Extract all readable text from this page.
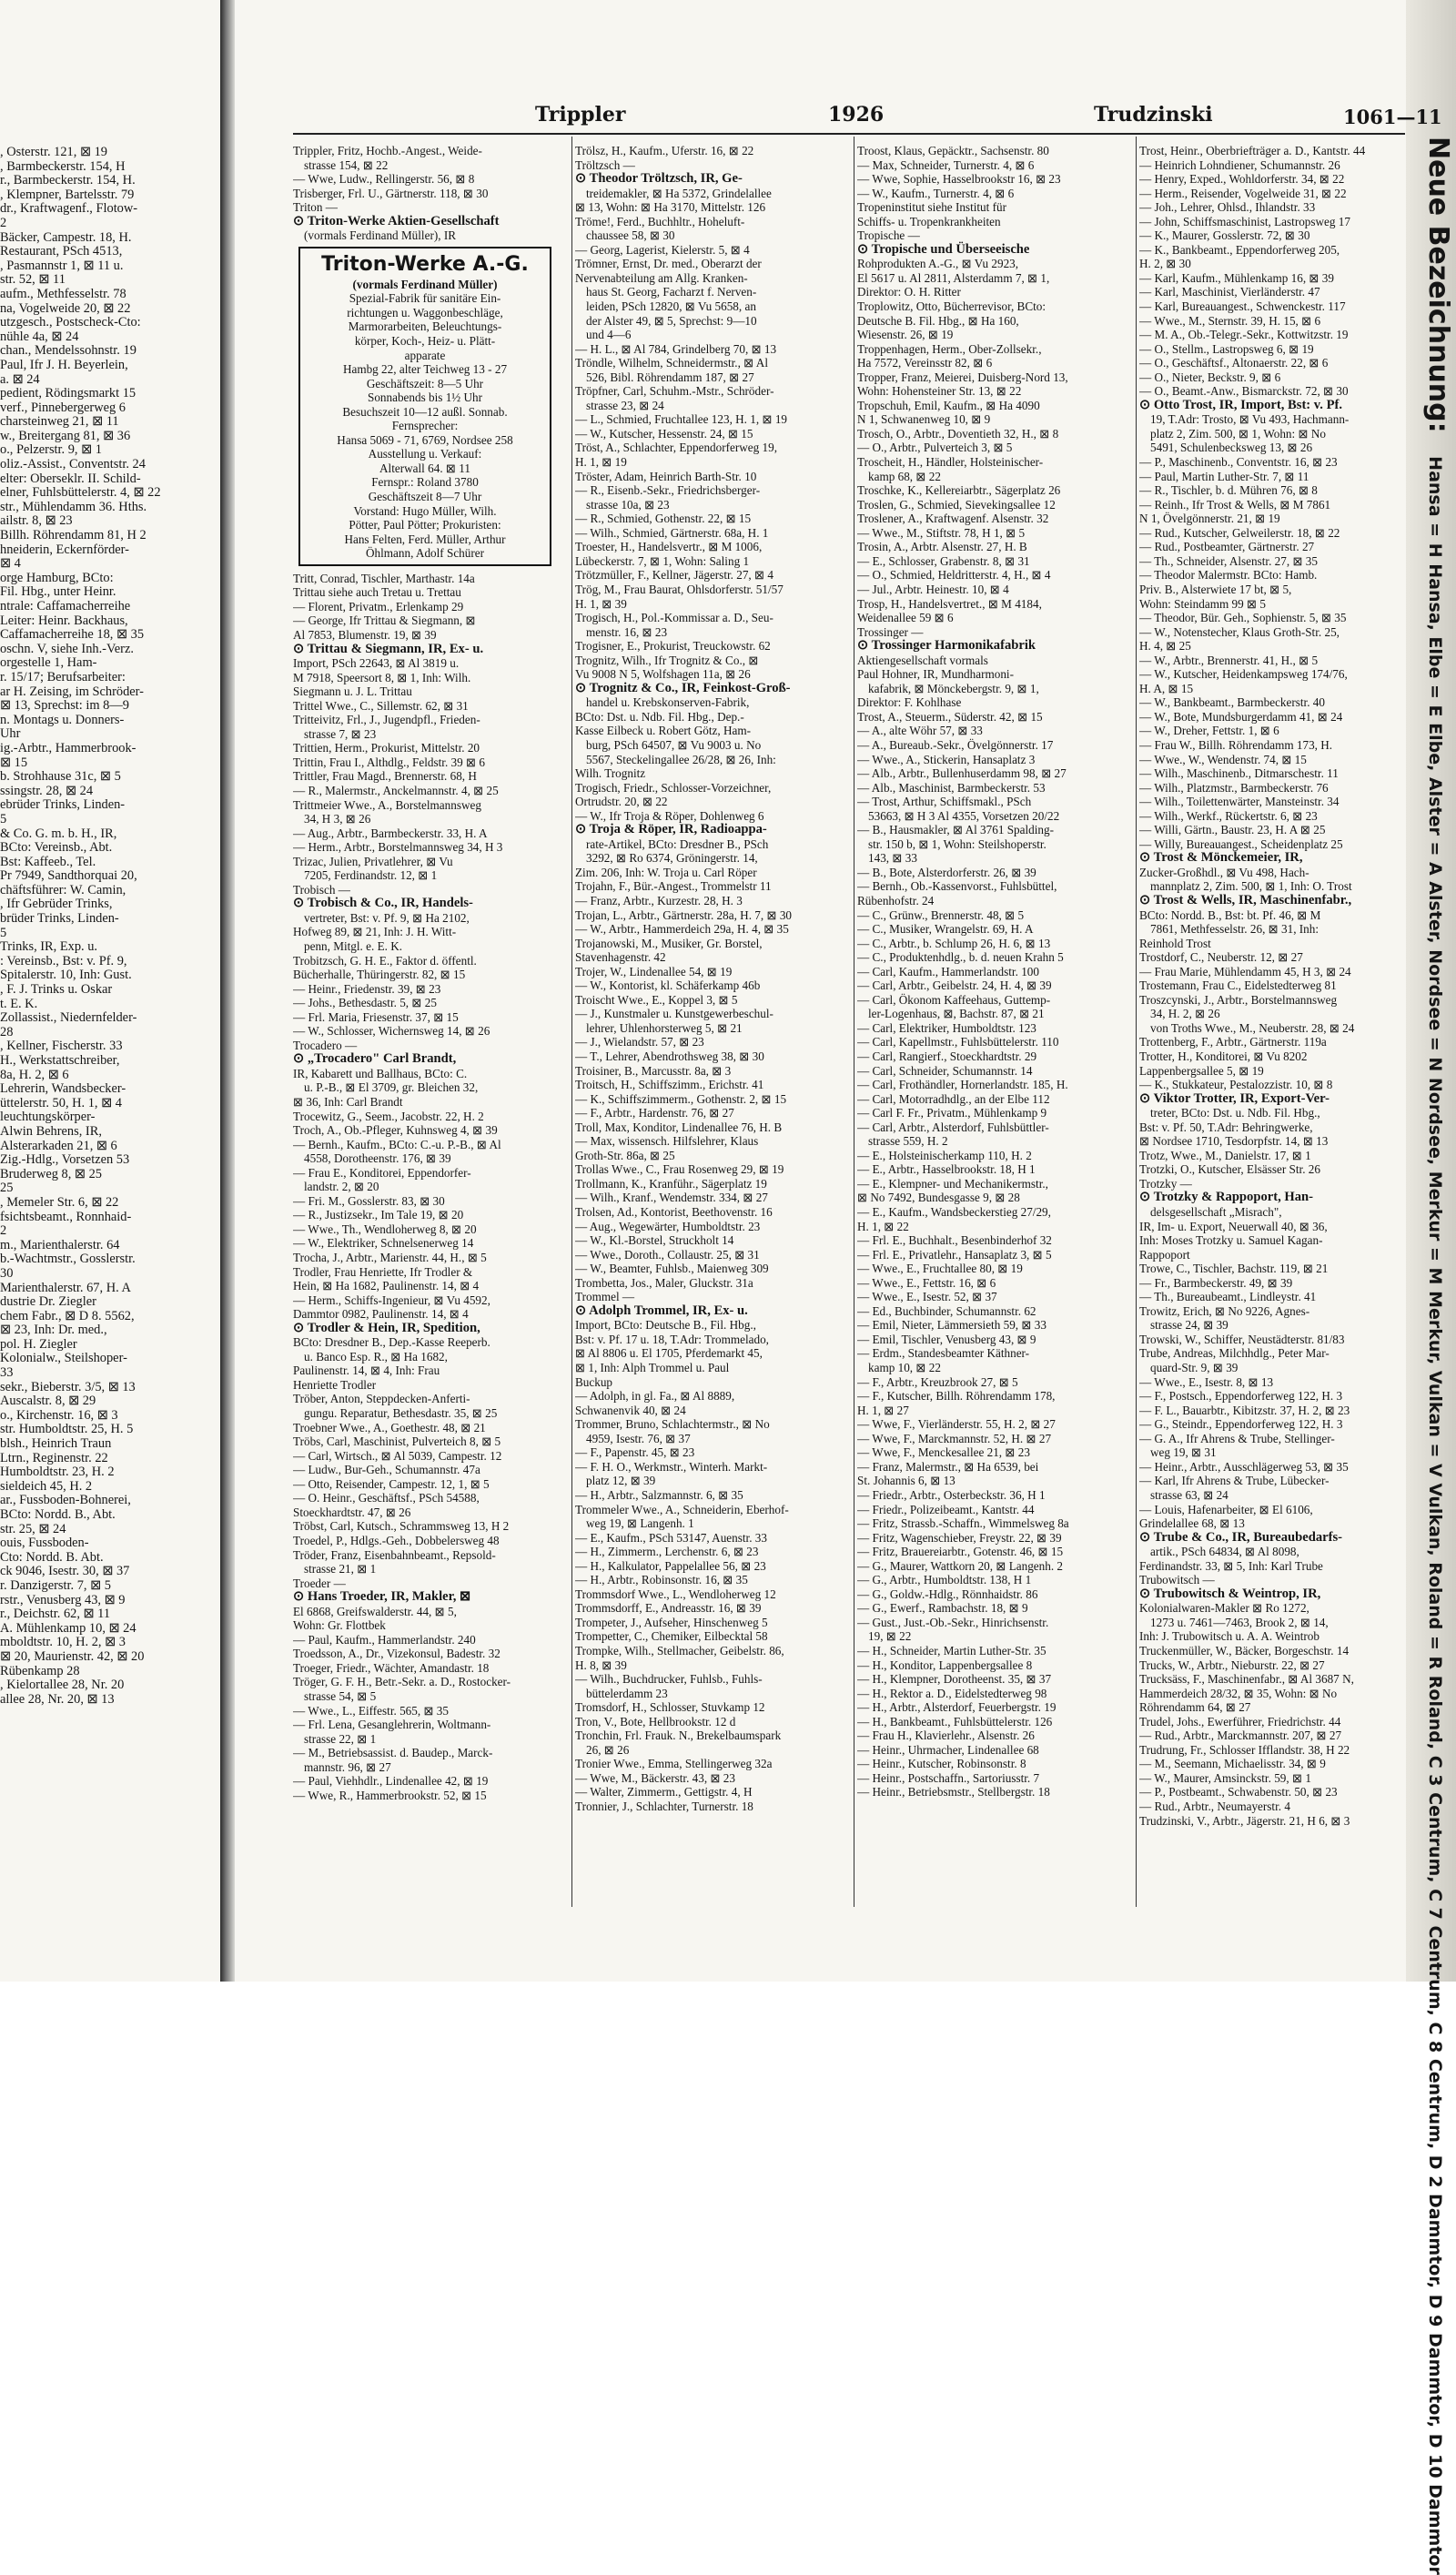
, Osterstr. 121, ⊠ 19
, Barmbeckerstr. 154, H
r., Barmbeckerstr. 154, H.
, Klempner, Bartelsstr. 79
dr., Kraftwagenf., Flotow-
2
Bäcker, Campestr. 18, H.
Restaurant, PSch 4513,
, Pasmannstr 1, ⊠ 11 u.
str. 52, ⊠ 11
aufm., Methfesselstr. 78
na, Vogelweide 20, ⊠ 22
utzgesch., Postscheck-Cto:
nühle 4a, ⊠ 24
chan., Mendelssohnstr. 19
Paul, Ifr J. H. Beyerlein,
a. ⊠ 24
pedient, Rödingsmarkt 15
verf., Pinnebergerweg 6
charsteinweg 21, ⊠ 11
w., Breitergang 81, ⊠ 36
o., Pelzerstr. 9, ⊠ 1
oliz.-Assist., Conventstr. 24
elter: Oberseklr. II. Schild-
elner, Fuhlsbüttelerstr. 4, ⊠ 22
str., Mühlendamm 36. Hths.
ailstr. 8, ⊠ 23
Billh. Röhrendamm 81, H 2
hneiderin, Eckernförder-
⊠ 4
orge Hamburg, BCto:
Fil. Hbg., unter Heinr.
ntrale: Caffamacherreihe
Leiter: Heinr. Backhaus,
Caffamacherreihe 18, ⊠ 35
oschn. V, siehe Inh.-Verz.
orgestelle 1, Ham-
r. 15/17; Berufsarbeiter:
ar H. Zeising, im Schröder-
⊠ 13, Sprechst: im 8—9
n. Montags u. Donners-
Uhr
ig.-Arbtr., Hammerbrook-
⊠ 15
b. Strohhause 31c, ⊠ 5
ssingstr. 28, ⊠ 24
ebrüder Trinks, Linden-
5
& Co. G. m. b. H., IR,
BCto: Vereinsb., Abt.
Bst: Kaffeeb., Tel.
Pr 7949, Sandthorquai 20,
chäftsführer: W. Camin,
, Ifr Gebrüder Trinks,
brüder Trinks, Linden-
5
Trinks, IR, Exp. u.
: Vereinsb., Bst: v. Pf. 9,
Spitalerstr. 10, Inh: Gust.
, F. J. Trinks u. Oskar
t. E. K.
Zollassist., Niedernfelder-
28
, Kellner, Fischerstr. 33
H., Werkstattschreiber,
8a, H. 2, ⊠ 6
Lehrerin, Wandsbecker-
üttelerstr. 50, H. 1, ⊠ 4
leuchtungskörper-
Alwin Behrens, IR,
Alsterarkaden 21, ⊠ 6
Zig.-Hdlg., Vorsetzen 53
Bruderweg 8, ⊠ 25
25
, Memeler Str. 6, ⊠ 22
fsichtsbeamt., Ronnhaid-
2
m., Marienthalerstr. 64
b.-Wachtmstr., Gosslerstr.
30
Marienthalerstr. 67, H. A
dustrie Dr. Ziegler
chem Fabr., ⊠ D 8. 5562,
⊠ 23, Inh: Dr. med.,
pol. H. Ziegler
Kolonialw., Steilshoper-
33
sekr., Bieberstr. 3/5, ⊠ 13
Auscalstr. 8, ⊠ 29
o., Kirchenstr. 16, ⊠ 3
str. Humboldtstr. 25, H. 5
blsh., Heinrich Traun
Ltrn., Reginenstr. 22
Humboldtstr. 23, H. 2
sieldeich 45, H. 2
ar., Fussboden-Bohnerei,
BCto: Nordd. B., Abt.
str. 25, ⊠ 24
ouis, Fussboden-
Cto: Nordd. B. Abt.
ck 9046, Isestr. 30, ⊠ 37
r. Danzigerstr. 7, ⊠ 5
rstr., Venusberg 43, ⊠ 9
r., Deichstr. 62, ⊠ 11
A. Mühlenkamp 10, ⊠ 24
mboldtstr. 10, H. 2, ⊠ 3
⊠ 20, Maurienstr. 42, ⊠ 20
Rübenkamp 28
, Kielortallee 28, Nr. 20
allee 28, Nr. 20, ⊠ 13
Trippler	1926	Trudzinski	1061—11
Trippler, Fritz, Hochb.-Angest., Weide-
strasse 154, ⊠ 22
— Wwe, Ludw., Rellingerstr. 56, ⊠ 8
Trisberger, Frl. U., Gärtnerstr. 118, ⊠ 30
Triton —
⊙ Triton-Werke Aktien-Gesellschaft
(vormals Ferdinand Müller), IR
Triton-Werke A.-G.
(vormals Ferdinand Müller)
Spezial-Fabrik für sanitäre Ein-
richtungen u. Waggonbeschläge,
Marmorarbeiten, Beleuchtungs-
körper, Koch-, Heiz- u. Plätt-
apparate
Hambg 22, alter Teichweg 13 - 27
Geschäftszeit: 8—5 Uhr
Sonnabends bis 1½ Uhr
Besuchszeit 10—12 außl. Sonnab.
Fernsprecher:
Hansa 5069 - 71, 6769, Nordsee 258
Ausstellung u. Verkauf:
Alterwall 64. ⊠ 11
Fernspr.: Roland 3780
Geschäftszeit 8—7 Uhr
Vorstand: Hugo Müller, Wilh.
Pötter, Paul Pötter; Prokuristen:
Hans Felten, Ferd. Müller, Arthur
Öhlmann, Adolf Schürer
Tritt, Conrad, Tischler, Marthastr. 14a
Trittau siehe auch Tretau u. Trettau
— Florent, Privatm., Erlenkamp 29
— George, Ifr Trittau & Siegmann, ⊠
Al 7853, Blumenstr. 19, ⊠ 39
⊙ Trittau & Siegmann, IR, Ex- u.
Import, PSch 22643, ⊠ Al 3819 u.
M 7918, Speersort 8, ⊠ 1, Inh: Wilh.
Siegmann u. J. L. Trittau
Trittel Wwe., C., Sillemstr. 62, ⊠ 31
Tritteivitz, Frl., J., Jugendpfl., Frieden-
strasse 7, ⊠ 23
Trittien, Herm., Prokurist, Mittelstr. 20
Trittin, Frau I., Althdlg., Feldstr. 39 ⊠ 6
Trittler, Frau Magd., Brennerstr. 68, H
— R., Malermstr., Anckelmannstr. 4, ⊠ 25
Trittmeier Wwe., A., Borstelmannsweg
34, H 3, ⊠ 26
— Aug., Arbtr., Barmbeckerstr. 33, H. A
— Herm., Arbtr., Borstelmannsweg 34, H 3
Trizac, Julien, Privatlehrer, ⊠ Vu
7205, Ferdinandstr. 12, ⊠ 1
Trobisch —
⊙ Trobisch & Co., IR, Handels-
vertreter, Bst: v. Pf. 9, ⊠ Ha 2102,
Hofweg 89, ⊠ 21, Inh: J. H. Witt-
penn, Mitgl. e. E. K.
Trobitzsch, G. H. E., Faktor d. öffentl.
Bücherhalle, Thüringerstr. 82, ⊠ 15
— Heinr., Friedenstr. 39, ⊠ 23
— Johs., Bethesdastr. 5, ⊠ 25
— Frl. Maria, Friesenstr. 37, ⊠ 15
— W., Schlosser, Wichernsweg 14, ⊠ 26
Trocadero —
⊙ „Trocadero" Carl Brandt,
IR, Kabarett und Ballhaus, BCto: C.
u. P.-B., ⊠ El 3709, gr. Bleichen 32,
⊠ 36, Inh: Carl Brandt
Trocewitz, G., Seem., Jacobstr. 22, H. 2
Troch, A., Ob.-Pfleger, Kuhnsweg 4, ⊠ 39
— Bernh., Kaufm., BCto: C.-u. P.-B., ⊠ Al
4558, Dorotheenstr. 176, ⊠ 39
— Frau E., Konditorei, Eppendorfer-
landstr. 2, ⊠ 20
— Fri. M., Gosslerstr. 83, ⊠ 30
— R., Justizsekr., Im Tale 19, ⊠ 20
— Wwe., Th., Wendloherweg 8, ⊠ 20
— W., Elektriker, Schnelsenerweg 14
Trocha, J., Arbtr., Marienstr. 44, H., ⊠ 5
Trodler, Frau Henriette, Ifr Trodler &
Hein, ⊠ Ha 1682, Paulinenstr. 14, ⊠ 4
— Herm., Schiffs-Ingenieur, ⊠ Vu 4592,
Dammtor 0982, Paulinenstr. 14, ⊠ 4
⊙ Trodler & Hein, IR, Spedition,
BCto: Dresdner B., Dep.-Kasse Reeperb.
u. Banco Esp. R., ⊠ Ha 1682,
Paulinenstr. 14, ⊠ 4, Inh: Frau
Henriette Trodler
Tröber, Anton, Steppdecken-Anferti-
gungu. Reparatur, Bethesdastr. 35, ⊠ 25
Troebner Wwe., A., Goethestr. 48, ⊠ 21
Tröbs, Carl, Maschinist, Pulverteich 8, ⊠ 5
— Carl, Wirtsch., ⊠ Al 5039, Campestr. 12
— Ludw., Bur-Geh., Schumannstr. 47a
— Otto, Reisender, Campestr. 12, 1, ⊠ 5
— O. Heinr., Geschäftsf., PSch 54588,
Stoeckhardtstr. 47, ⊠ 26
Tröbst, Carl, Kutsch., Schrammsweg 13, H 2
Troedel, P., Hdlgs.-Geh., Dobbelersweg 48
Tröder, Franz, Eisenbahnbeamt., Repsold-
strasse 21, ⊠ 1
Troeder —
⊙ Hans Troeder, IR, Makler, ⊠
El 6868, Greifswalderstr. 44, ⊠ 5,
Wohn: Gr. Flottbek
— Paul, Kaufm., Hammerlandstr. 240
Troedsson, A., Dr., Vizekonsul, Badestr. 32
Troeger, Friedr., Wächter, Amandastr. 18
Tröger, G. F. H., Betr.-Sekr. a. D., Rostocker-
strasse 54, ⊠ 5
— Wwe., L., Eiffestr. 565, ⊠ 35
— Frl. Lena, Gesanglehrerin, Woltmann-
strasse 22, ⊠ 1
— M., Betriebsassist. d. Baudep., Marck-
mannstr. 96, ⊠ 27
— Paul, Viehhdlr., Lindenallee 42, ⊠ 19
— Wwe, R., Hammerbrookstr. 52, ⊠ 15
Trölsz, H., Kaufm., Uferstr. 16, ⊠ 22
Tröltzsch —
⊙ Theodor Tröltzsch, IR, Ge-
treidemakler, ⊠ Ha 5372, Grindelallee
⊠ 13, Wohn: ⊠ Ha 3170, Mittelstr. 126
Tröme!, Ferd., Buchhltr., Hoheluft-
chaussee 58, ⊠ 30
— Georg, Lagerist, Kielerstr. 5, ⊠ 4
Trömner, Ernst, Dr. med., Oberarzt der
Nervenabteilung am Allg. Kranken-
haus St. Georg, Facharzt f. Nerven-
leiden, PSch 12820, ⊠ Vu 5658, an
der Alster 49, ⊠ 5, Sprechst: 9—10
und 4—6
— H. L., ⊠ Al 784, Grindelberg 70, ⊠ 13
Tröndle, Wilhelm, Schneidermstr., ⊠ Al
526, Bibl. Röhrendamm 187, ⊠ 27
Tröpfner, Carl, Schuhm.-Mstr., Schröder-
strasse 23, ⊠ 24
— L., Schmied, Fruchtallee 123, H. 1, ⊠ 19
— W., Kutscher, Hessenstr. 24, ⊠ 15
Tröst, A., Schlachter, Eppendorferweg 19,
H. 1, ⊠ 19
Tröster, Adam, Heinrich Barth-Str. 10
— R., Eisenb.-Sekr., Friedrichsberger-
strasse 10a, ⊠ 23
— R., Schmied, Gothenstr. 22, ⊠ 15
— Wilh., Schmied, Gärtnerstr. 68a, H. 1
Troester, H., Handelsvertr., ⊠ M 1006,
Lübeckerstr. 7, ⊠ 1, Wohn: Saling 1
Trötzmüller, F., Kellner, Jägerstr. 27, ⊠ 4
Trög, M., Frau Baurat, Ohlsdorferstr. 51/57
H. 1, ⊠ 39
Trogisch, H., Pol.-Kommissar a. D., Seu-
menstr. 16, ⊠ 23
Trogisner, E., Prokurist, Treuckowstr. 62
Trognitz, Wilh., Ifr Trognitz & Co., ⊠
Vu 9008 N 5, Wolfshagen 11a, ⊠ 26
⊙ Trognitz & Co., IR, Feinkost-Groß-
handel u. Krebskonserven-Fabrik,
BCto: Dst. u. Ndb. Fil. Hbg., Dep.-
Kasse Eilbeck u. Robert Götz, Ham-
burg, PSch 64507, ⊠ Vu 9003 u. No
5567, Steckelingallee 26/28, ⊠ 26, Inh:
Wilh. Trognitz
Trogisch, Friedr., Schlosser-Vorzeichner,
Ortrudstr. 20, ⊠ 22
— W., Ifr Troja & Röper, Dohlenweg 6
⊙ Troja & Röper, IR, Radioappa-
rate-Artikel, BCto: Dresdner B., PSch
3292, ⊠ Ro 6374, Gröningerstr. 14,
Zim. 206, Inh: W. Troja u. Carl Röper
Trojahn, F., Bür.-Angest., Trommelstr 11
— Franz, Arbtr., Kurzestr. 28, H. 3
Trojan, L., Arbtr., Gärtnerstr. 28a, H. 7, ⊠ 30
— W., Arbtr., Hammerdeich 29a, H. 4, ⊠ 35
Trojanowski, M., Musiker, Gr. Borstel,
Stavenhagenstr. 42
Trojer, W., Lindenallee 54, ⊠ 19
— W., Kontorist, kl. Schäferkamp 46b
Troischt Wwe., E., Koppel 3, ⊠ 5
— J., Kunstmaler u. Kunstgewerbeschul-
lehrer, Uhlenhorsterweg 5, ⊠ 21
— J., Wielandstr. 57, ⊠ 23
— T., Lehrer, Abendrothsweg 38, ⊠ 30
Troisiner, B., Marcusstr. 8a, ⊠ 3
Troitsch, H., Schiffszimm., Erichstr. 41
— K., Schiffszimmerm., Gothenstr. 2, ⊠ 15
— F., Arbtr., Hardenstr. 76, ⊠ 27
Troll, Max, Konditor, Lindenallee 76, H. B
— Max, wissensch. Hilfslehrer, Klaus
Groth-Str. 86a, ⊠ 25
Trollas Wwe., C., Frau Rosenweg 29, ⊠ 19
Trollmann, K., Kranführ., Sägerplatz 19
— Wilh., Kranf., Wendemstr. 334, ⊠ 27
Trolsen, Ad., Kontorist, Beethovenstr. 16
— Aug., Wegewärter, Humboldtstr. 23
— W., Kl.-Borstel, Struckholt 14
— Wwe., Doroth., Collaustr. 25, ⊠ 31
— W., Beamter, Fuhlsb., Maienweg 309
Trombetta, Jos., Maler, Gluckstr. 31a
Trommel —
⊙ Adolph Trommel, IR, Ex- u.
Import, BCto: Deutsche B., Fil. Hbg.,
Bst: v. Pf. 17 u. 18, T.Adr: Trommelado,
⊠ Al 8806 u. El 1705, Pferdemarkt 45,
⊠ 1, Inh: Alph Trommel u. Paul
Buckup
— Adolph, in gl. Fa., ⊠ Al 8889,
Schwanenvik 40, ⊠ 24
Trommer, Bruno, Schlachtermstr., ⊠ No
4959, Isestr. 76, ⊠ 37
— F., Papenstr. 45, ⊠ 23
— F. H. O., Werkmstr., Winterh. Markt-
platz 12, ⊠ 39
— H., Arbtr., Salzmannstr. 6, ⊠ 35
Trommeler Wwe., A., Schneiderin, Eberhof-
weg 19, ⊠ Langenh. 1
— E., Kaufm., PSch 53147, Auenstr. 33
— H., Zimmerm., Lerchenstr. 6, ⊠ 23
— H., Kalkulator, Pappelallee 56, ⊠ 23
— H., Arbtr., Robinsonstr. 16, ⊠ 35
Trommsdorf Wwe., L., Wendloherweg 12
Trommsdorff, E., Andreasstr. 16, ⊠ 39
Trompeter, J., Aufseher, Hinschenweg 5
Trompetter, C., Chemiker, Eilbecktal 58
Trompke, Wilh., Stellmacher, Geibelstr. 86,
H. 8, ⊠ 39
— Wilh., Buchdrucker, Fuhlsb., Fuhls-
büttelerdamm 23
Tromsdorf, H., Schlosser, Stuvkamp 12
Tron, V., Bote, Hellbrookstr. 12 d
Tronchin, Frl. Frauk. N., Brekelbaumspark
26, ⊠ 26
Tronier Wwe., Emma, Stellingerweg 32a
— Wwe, M., Bäckerstr. 43, ⊠ 23
— Walter, Zimmerm., Gettigstr. 4, H
Tronnier, J., Schlachter, Turnerstr. 18
Troost, Klaus, Gepäcktr., Sachsenstr. 80
— Max, Schneider, Turnerstr. 4, ⊠ 6
— Wwe, Sophie, Hasselbrookstr 16, ⊠ 23
— W., Kaufm., Turnerstr. 4, ⊠ 6
Tropeninstitut siehe Institut für
Schiffs- u. Tropenkrankheiten
Tropische —
⊙ Tropische und Überseeische
Rohprodukten A.-G., ⊠ Vu 2923,
El 5617 u. Al 2811, Alsterdamm 7, ⊠ 1,
Direktor: O. H. Ritter
Troplowitz, Otto, Bücherrevisor, BCto:
Deutsche B. Fil. Hbg., ⊠ Ha 160,
Wiesenstr. 26, ⊠ 19
Troppenhagen, Herm., Ober-Zollsekr.,
Ha 7572, Vereinsstr 82, ⊠ 6
Tropper, Franz, Meierei, Duisberg-Nord 13,
Wohn: Hohensteiner Str. 13, ⊠ 22
Tropschuh, Emil, Kaufm., ⊠ Ha 4090
N 1, Schwanenweg 10, ⊠ 9
Trosch, O., Arbtr., Doventieth 32, H., ⊠ 8
— O., Arbtr., Pulverteich 3, ⊠ 5
Troscheit, H., Händler, Holsteinischer-
kamp 68, ⊠ 22
Troschke, K., Kellereiarbtr., Sägerplatz 26
Troslen, G., Schmied, Sievekingsallee 12
Troslener, A., Kraftwagenf. Alsenstr. 32
— Wwe., M., Stiftstr. 78, H 1, ⊠ 5
Trosin, A., Arbtr. Alsenstr. 27, H. B
— E., Schlosser, Grabenstr. 8, ⊠ 31
— O., Schmied, Heldritterstr. 4, H., ⊠ 4
— Jul., Arbtr. Heinestr. 10, ⊠ 4
Trosp, H., Handelsvertret., ⊠ M 4184,
Weidenallee 59 ⊠ 6
Trossinger —
⊙ Trossinger Harmonikafabrik
Aktiengesellschaft vormals
Paul Hohner, IR, Mundharmoni-
kafabrik, ⊠ Mönckebergstr. 9, ⊠ 1,
Direktor: F. Kohlhase
Trost, A., Steuerm., Süderstr. 42, ⊠ 15
— A., alte Wöhr 57, ⊠ 33
— A., Bureaub.-Sekr., Övelgönnerstr. 17
— Wwe., A., Stickerin, Hansaplatz 3
— Alb., Arbtr., Bullenhuserdamm 98, ⊠ 27
— Alb., Maschinist, Barmbeckerstr. 53
— Trost, Arthur, Schiffsmakl., PSch
53663, ⊠ H 3 Al 4355, Vorsetzen 20/22
— B., Hausmakler, ⊠ Al 3761 Spalding-
str. 150 b, ⊠ 1, Wohn: Steilshoperstr.
143, ⊠ 33
— B., Bote, Alsterdorferstr. 26, ⊠ 39
— Bernh., Ob.-Kassenvorst., Fuhlsbüttel,
Rübenhofstr. 24
— C., Grünw., Brennerstr. 48, ⊠ 5
— C., Musiker, Wrangelstr. 69, H. A
— C., Arbtr., b. Schlump 26, H. 6, ⊠ 13
— C., Produktenhdlg., b. d. neuen Krahn 5
— Carl, Kaufm., Hammerlandstr. 100
— Carl, Arbtr., Geibelstr. 24, H. 4, ⊠ 39
— Carl, Ökonom Kaffeehaus, Guttemp-
ler-Logenhaus, ⊠, Bachstr. 87, ⊠ 21
— Carl, Elektriker, Humboldtstr. 123
— Carl, Kapellmstr., Fuhlsbüttelerstr. 110
— Carl, Rangierf., Stoeckhardtstr. 29
— Carl, Schneider, Schumannstr. 14
— Carl, Frothändler, Hornerlandstr. 185, H.
— Carl, Motorradhdlg., an der Elbe 112
— Carl F. Fr., Privatm., Mühlenkamp 9
— Carl, Arbtr., Alsterdorf, Fuhlsbüttler-
strasse 559, H. 2
— E., Holsteinischerkamp 110, H. 2
— E., Arbtr., Hasselbrookstr. 18, H 1
— E., Klempner- und Mechanikermstr.,
⊠ No 7492, Bundesgasse 9, ⊠ 28
— E., Kaufm., Wandsbeckerstieg 27/29,
H. 1, ⊠ 22
— Frl. E., Buchhalt., Besenbinderhof 32
— Frl. E., Privatlehr., Hansaplatz 3, ⊠ 5
— Wwe., E., Fruchtallee 80, ⊠ 19
— Wwe., E., Fettstr. 16, ⊠ 6
— Wwe., E., Isestr. 52, ⊠ 37
— Ed., Buchbinder, Schumannstr. 62
— Emil, Nieter, Lämmersieth 59, ⊠ 33
— Emil, Tischler, Venusberg 43, ⊠ 9
— Erdm., Standesbeamter Käthner-
kamp 10, ⊠ 22
— F., Arbtr., Kreuzbrook 27, ⊠ 5
— F., Kutscher, Billh. Röhrendamm 178,
H. 1, ⊠ 27
— Wwe, F., Vierländerstr. 55, H. 2, ⊠ 27
— Wwe, F., Marckmannstr. 52, H. ⊠ 27
— Wwe, F., Menckesallee 21, ⊠ 23
— Franz, Malermstr., ⊠ Ha 6539, bei
St. Johannis 6, ⊠ 13
— Friedr., Arbtr., Osterbeckstr. 36, H 1
— Friedr., Polizeibeamt., Kantstr. 44
— Fritz, Strassb.-Schaffn., Wimmelsweg 8a
— Fritz, Wagenschieber, Freystr. 22, ⊠ 39
— Fritz, Brauereiarbtr., Gotenstr. 46, ⊠ 15
— G., Maurer, Wattkorn 20, ⊠ Langenh. 2
— G., Arbtr., Humboldtstr. 138, H 1
— G., Goldw.-Hdlg., Rönnhaidstr. 86
— G., Ewerf., Rambachstr. 18, ⊠ 9
— Gust., Just.-Ob.-Sekr., Hinrichsenstr.
19, ⊠ 22
— H., Schneider, Martin Luther-Str. 35
— H., Konditor, Lappenbergsallee 8
— H., Klempner, Dorotheenst. 35, ⊠ 37
— H., Rektor a. D., Eidelstedterweg 98
— H., Arbtr., Alsterdorf, Feuerbergstr. 19
— H., Bankbeamt., Fuhlsbüttelerstr. 126
— Frau H., Klavierlehr., Alsenstr. 26
— Heinr., Uhrmacher, Lindenallee 68
— Heinr., Kutscher, Robinsonstr. 8
— Heinr., Postschaffn., Sartoriusstr. 7
— Heinr., Betriebsmstr., Stellbergstr. 18
Trost, Heinr., Oberbriefträger a. D., Kantstr. 44
— Heinrich Lohndiener, Schumannstr. 26
— Henry, Exped., Wohldorferstr. 34, ⊠ 22
— Herm., Reisender, Vogelweide 31, ⊠ 22
— Joh., Lehrer, Ohlsd., Ihlandstr. 33
— John, Schiffsmaschinist, Lastropsweg 17
— K., Maurer, Gosslerstr. 72, ⊠ 30
— K., Bankbeamt., Eppendorferweg 205,
H. 2, ⊠ 30
— Karl, Kaufm., Mühlenkamp 16, ⊠ 39
— Karl, Maschinist, Vierländerstr. 47
— Karl, Bureauangest., Schwenckestr. 117
— Wwe., M., Sternstr. 39, H. 15, ⊠ 6
— M. A., Ob.-Telegr.-Sekr., Kottwitzstr. 19
— O., Stellm., Lastropsweg 6, ⊠ 19
— O., Geschäftsf., Altonaerstr. 22, ⊠ 6
— O., Nieter, Beckstr. 9, ⊠ 6
— O., Beamt.-Anw., Bismarckstr. 72, ⊠ 30
⊙ Otto Trost, IR, Import, Bst: v. Pf.
19, T.Adr: Trosto, ⊠ Vu 493, Hachmann-
platz 2, Zim. 500, ⊠ 1, Wohn: ⊠ No
5491, Schulenbecksweg 13, ⊠ 26
— P., Maschinenb., Conventstr. 16, ⊠ 23
— Paul, Martin Luther-Str. 7, ⊠ 11
— R., Tischler, b. d. Mühren 76, ⊠ 8
— Reinh., Ifr Trost & Wells, ⊠ M 7861
N 1, Övelgönnerstr. 21, ⊠ 19
— Rud., Kutscher, Gelweilerstr. 18, ⊠ 22
— Rud., Postbeamter, Gärtnerstr. 27
— Th., Schneider, Alsenstr. 27, ⊠ 35
— Theodor Malermstr. BCto: Hamb.
Priv. B., Alsterwiete 17 bt, ⊠ 5,
Wohn: Steindamm 99 ⊠ 5
— Theodor, Bür. Geh., Sophienstr. 5, ⊠ 35
— W., Notenstecher, Klaus Groth-Str. 25,
H. 4, ⊠ 25
— W., Arbtr., Brennerstr. 41, H., ⊠ 5
— W., Kutscher, Heidenkampsweg 174/76,
H. A, ⊠ 15
— W., Bankbeamt., Barmbeckerstr. 40
— W., Bote, Mundsburgerdamm 41, ⊠ 24
— W., Dreher, Fettstr. 1, ⊠ 6
— Frau W., Billh. Röhrendamm 173, H.
— Wwe., W., Wendenstr. 74, ⊠ 15
— Wilh., Maschinenb., Ditmarschestr. 11
— Wilh., Platzmstr., Barmbeckerstr. 76
— Wilh., Toilettenwärter, Mansteinstr. 34
— Wilh., Werkf., Rückertstr. 6, ⊠ 23
— Willi, Gärtn., Baustr. 23, H. A ⊠ 25
— Willy, Bureauangest., Scheidenplatz 25
⊙ Trost & Mönckemeier, IR,
Zucker-Großhdl., ⊠ Vu 498, Hach-
mannplatz 2, Zim. 500, ⊠ 1, Inh: O. Trost
⊙ Trost & Wells, IR, Maschinenfabr.,
BCto: Nordd. B., Bst: bt. Pf. 46, ⊠ M
7861, Methfesselstr. 26, ⊠ 31, Inh:
Reinhold Trost
Trostdorf, C., Neuberstr. 12, ⊠ 27
— Frau Marie, Mühlendamm 45, H 3, ⊠ 24
Trostemann, Frau C., Eidelstedterweg 81
Troszcynski, J., Arbtr., Borstelmannsweg
34, H. 2, ⊠ 26
von Troths Wwe., M., Neuberstr. 28, ⊠ 24
Trottenberg, F., Arbtr., Gärtnerstr. 119a
Trotter, H., Konditorei, ⊠ Vu 8202
Lappenbergsallee 5, ⊠ 19
— K., Stukkateur, Pestalozzistr. 10, ⊠ 8
⊙ Viktor Trotter, IR, Export-Ver-
treter, BCto: Dst. u. Ndb. Fil. Hbg.,
Bst: v. Pf. 50, T.Adr: Behringwerke,
⊠ Nordsee 1710, Tesdorpfstr. 14, ⊠ 13
Trotz, Wwe., M., Danielstr. 17, ⊠ 1
Trotzki, O., Kutscher, Elsässer Str. 26
Trotzky —
⊙ Trotzky & Rappoport, Han-
delsgesellschaft „Misrach",
IR, Im- u. Export, Neuerwall 40, ⊠ 36,
Inh: Moses Trotzky u. Samuel Kagan-
Rappoport
Trowe, C., Tischler, Bachstr. 119, ⊠ 21
— Fr., Barmbeckerstr. 49, ⊠ 39
— Th., Bureaubeamt., Lindleystr. 41
Trowitz, Erich, ⊠ No 9226, Agnes-
strasse 24, ⊠ 39
Trowski, W., Schiffer, Neustädterstr. 81/83
Trube, Andreas, Milchhdlg., Peter Mar-
quard-Str. 9, ⊠ 39
— Wwe., E., Isestr. 8, ⊠ 13
— F., Postsch., Eppendorferweg 122, H. 3
— F. L., Bauarbtr., Kibitzstr. 37, H. 2, ⊠ 23
— G., Steindr., Eppendorferweg 122, H. 3
— G. A., Ifr Ahrens & Trube, Stellinger-
weg 19, ⊠ 31
— Heinr., Arbtr., Ausschlägerweg 53, ⊠ 35
— Karl, Ifr Ahrens & Trube, Lübecker-
strasse 63, ⊠ 24
— Louis, Hafenarbeiter, ⊠ El 6106,
Grindelallee 68, ⊠ 13
⊙ Trube & Co., IR, Bureaubedarfs-
artik., PSch 64834, ⊠ Al 8098,
Ferdinandstr. 33, ⊠ 5, Inh: Karl Trube
Trubowitsch —
⊙ Trubowitsch & Weintrop, IR,
Kolonialwaren-Makler ⊠ Ro 1272,
1273 u. 7461—7463, Brook 2, ⊠ 14,
Inh: J. Trubowitsch u. A. A. Weintrob
Truckenmüller, W., Bäcker, Borgeschstr. 14
Trucks, W., Arbtr., Nieburstr. 22, ⊠ 27
Trucksäss, F., Maschinenfabr., ⊠ Al 3687 N,
Hammerdeich 28/32, ⊠ 35, Wohn: ⊠ No
Röhrendamm 64, ⊠ 27
Trudel, Johs., Ewerführer, Friedrichstr. 44
— Rud., Arbtr., Marckmannstr. 207, ⊠ 27
Trudrung, Fr., Schlosser Ifflandstr. 38, H 22
— M., Seemann, Michaelisstr. 34, ⊠ 9
— W., Maurer, Amsinckstr. 59, ⊠ 1
— P., Postbeamt., Schwabenstr. 50, ⊠ 23
— Rud., Arbtr., Neumayerstr. 4
Trudzinski, V., Arbtr., Jägerstr. 21, H 6, ⊠ 3
Neue Bezeichnung: Hansa = H Hansa, Elbe = E Elbe, Alster = A Alster, Nordsee = N Nordsee, Merkur = M Merkur, Vulkan = V Vulkan, Roland = R Roland, C 3 Centrum, C 7 Centrum, C 8 Centrum, D 2 Dammtor, D 9 Dammtor, D 10 Dammtor
